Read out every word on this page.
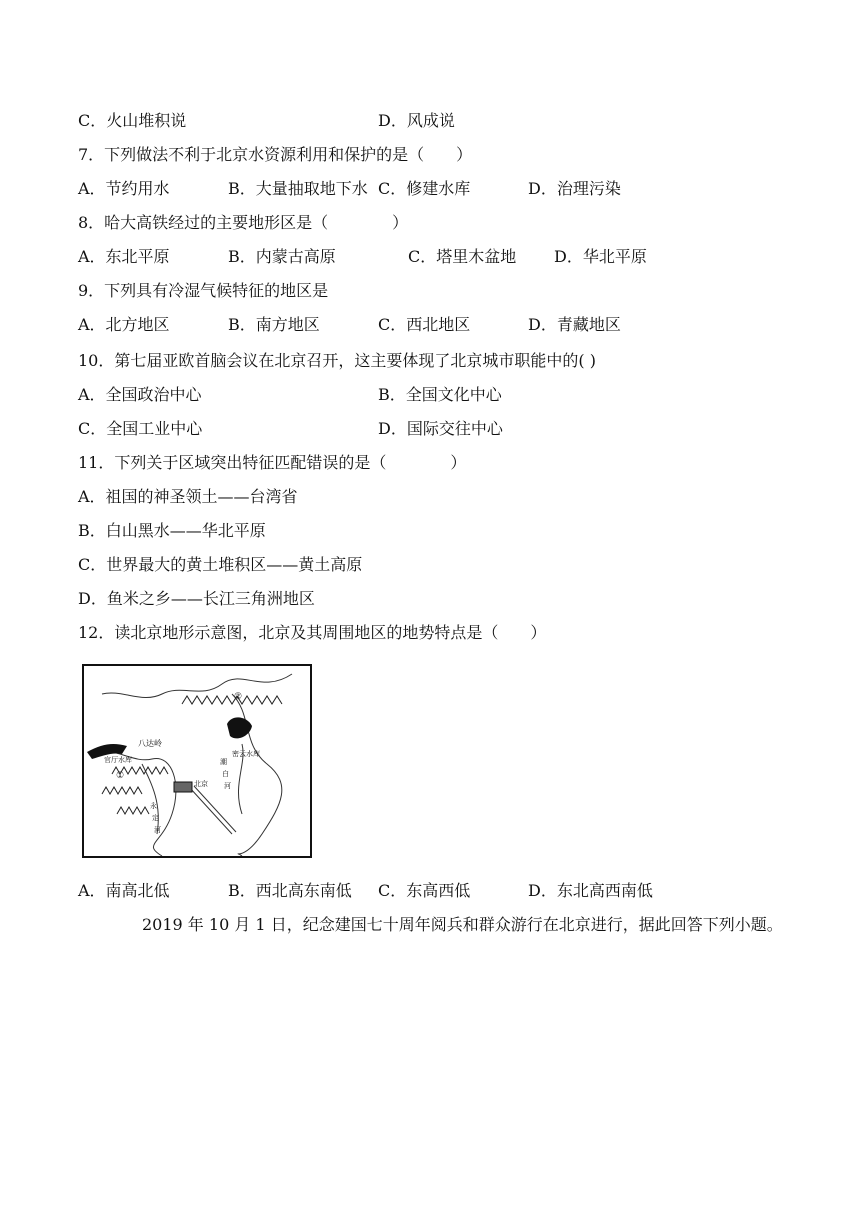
C．火山堆积说	D．风成说
7．下列做法不利于北京水资源利用和保护的是（　　）
A．节约用水	B．大量抽取地下水 C．修建水库	D．治理污染
8．哈大高铁经过的主要地形区是（　　　　）
A．东北平原	B．内蒙古高原	C．塔里木盆地 D．华北平原
9．下列具有冷湿气候特征的地区是
A．北方地区	B．南方地区	C．西北地区	D．青藏地区
10．第七届亚欧首脑会议在北京召开，这主要体现了北京城市职能中的( )
A．全国政治中心	B．全国文化中心
C．全国工业中心	D．国际交往中心
11．下列关于区域突出特征匹配错误的是（　　　　）
A．祖国的神圣领土——台湾省
B．白山黑水——华北平原
C．世界最大的黄土堆积区——黄土高原
D．鱼米之乡——长江三角洲地区
12．读北京地形示意图，北京及其周围地区的地势特点是（　　）
八达岭
官厅水库
密云水库
北京
①
②
潮
白
河
永
定
河
A．南高北低	B．西北高东南低 C．东高西低	D．东北高西南低
2019 年 10 月 1 日，纪念建国七十周年阅兵和群众游行在北京进行，据此回答下列小题。
